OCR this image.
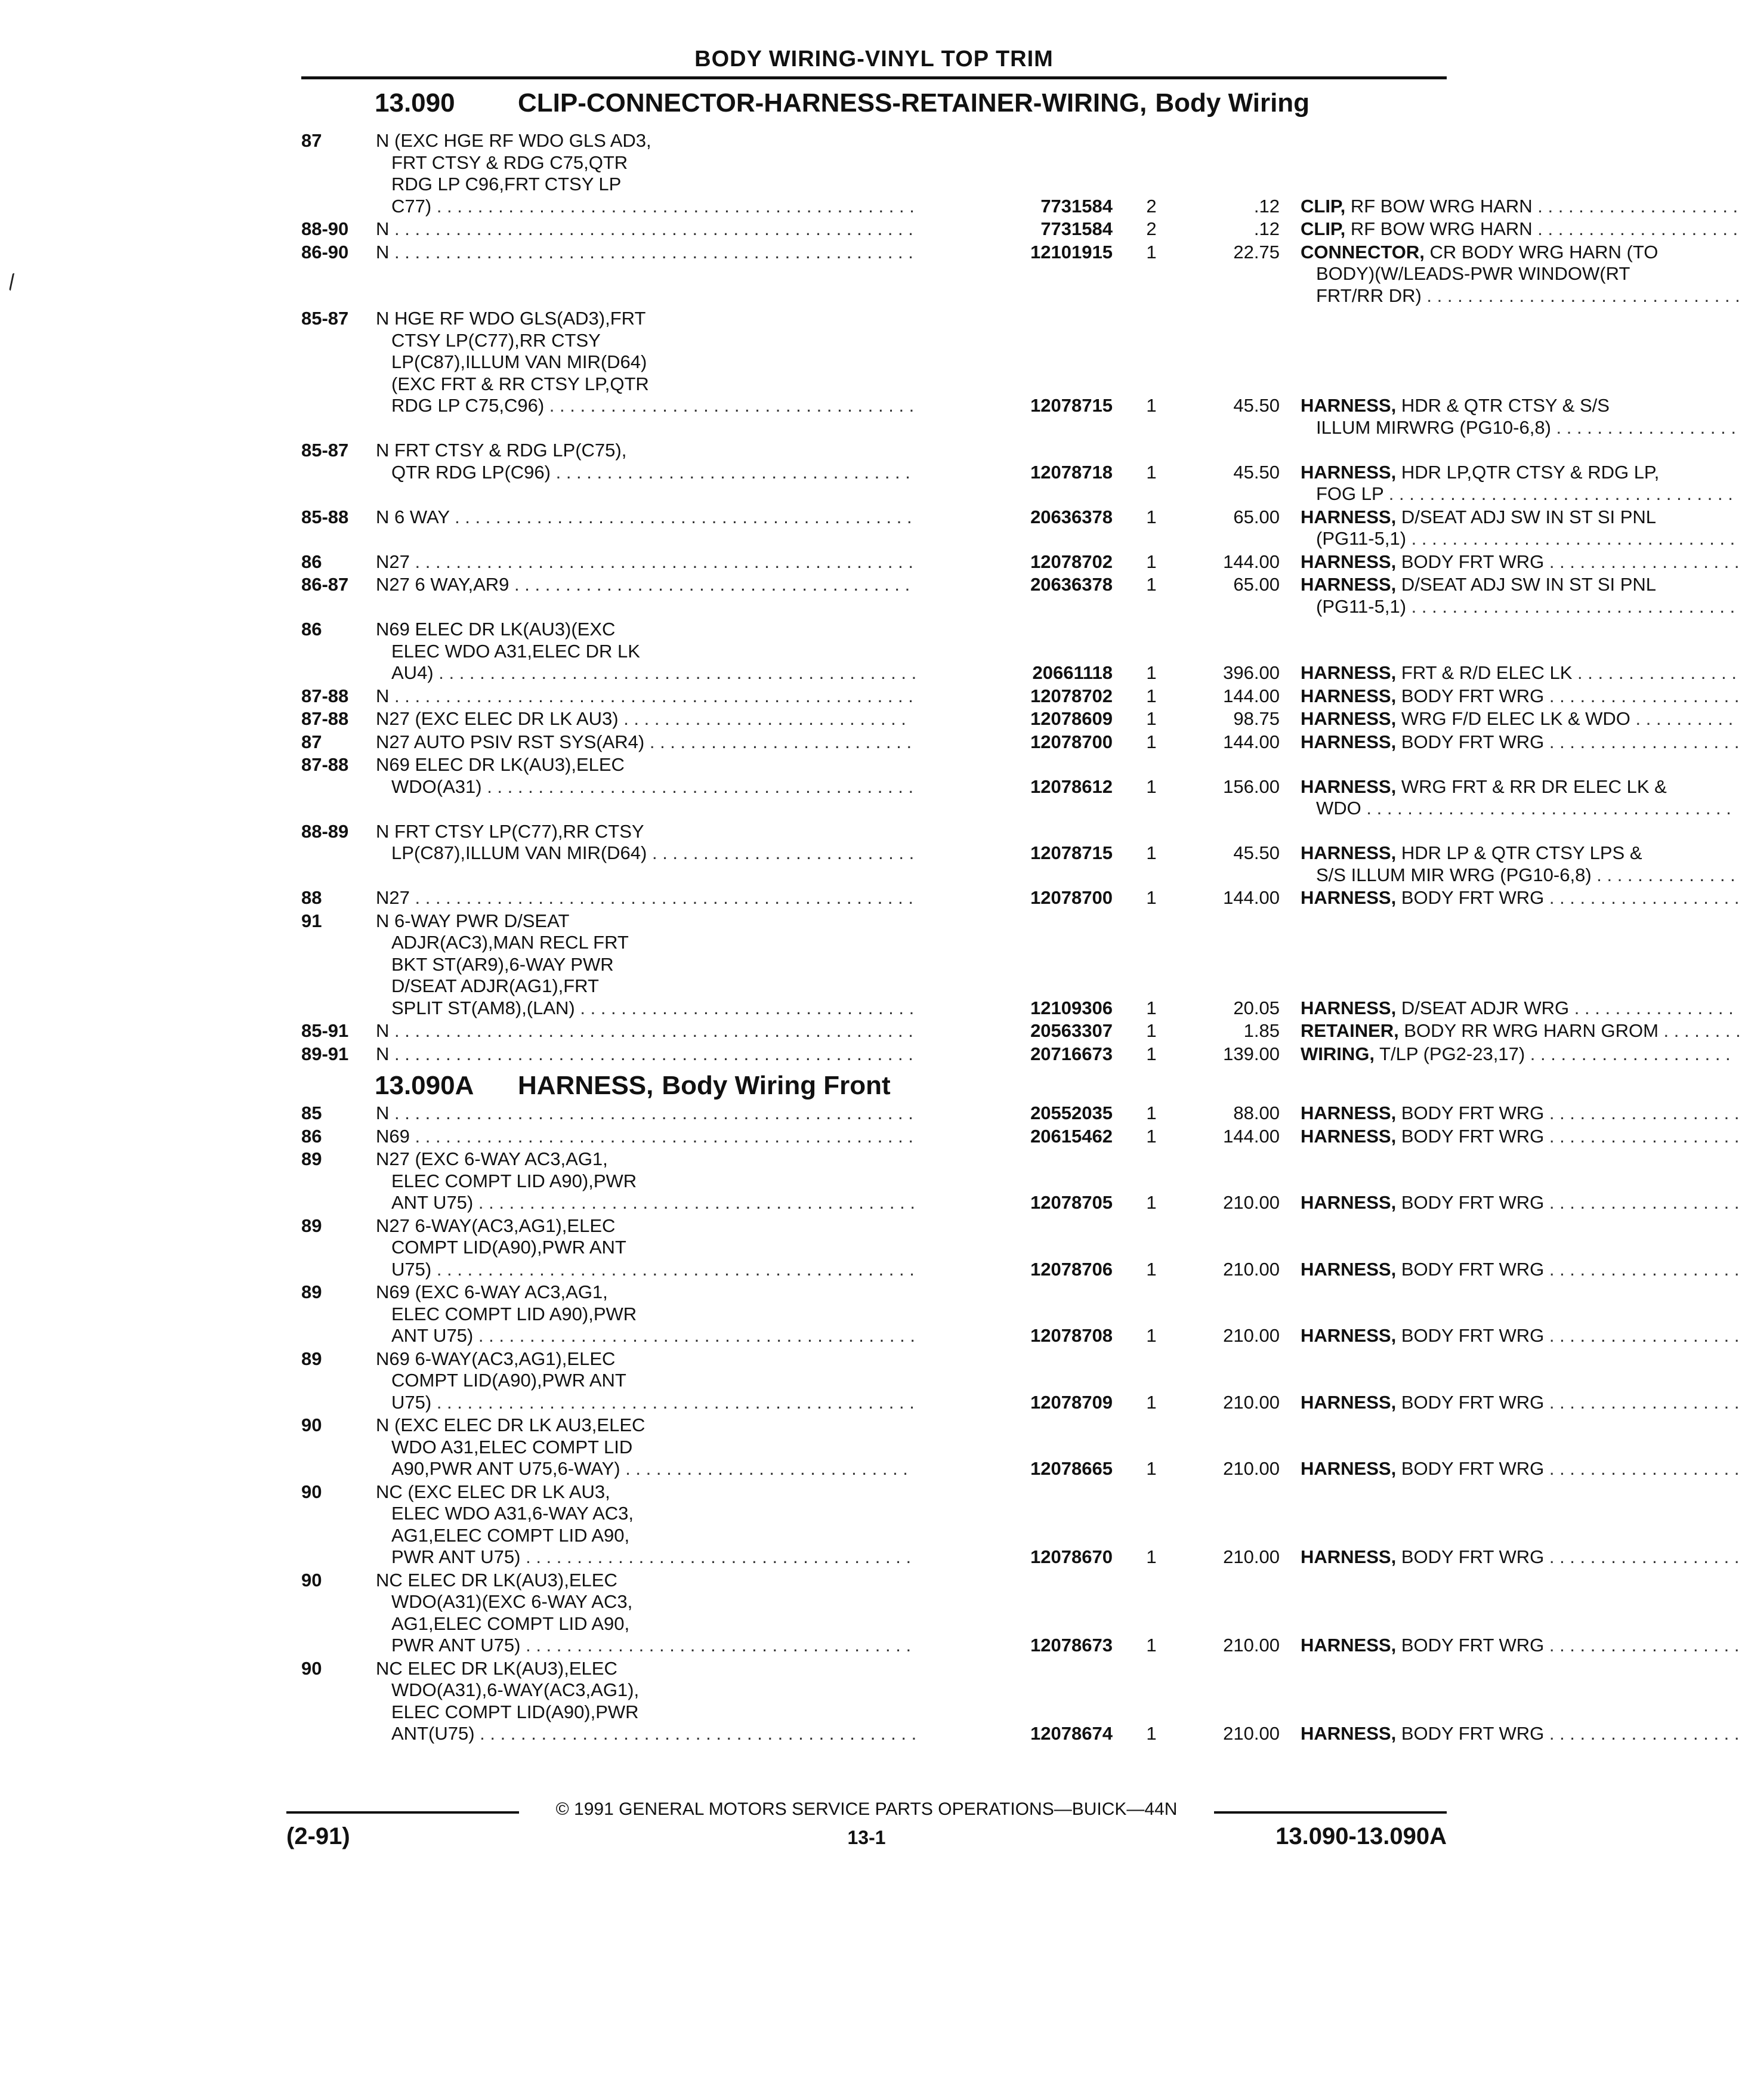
BODY WIRING-VINYL TOP TRIM
13.090 CLIP-CONNECTOR-HARNESS-RETAINER-WIRING, Body Wiring
87	N (EXC HGE RF WDO GLS AD3,
FRT CTSY & RDG C75,QTR
RDG LP C96,FRT CTSY LP
C77) . . . . . . . . . . . . . . . . . . . . . . . . . . . . . . . . . . . . . . . . . . . . . . .	7731584	2	.12 CLIP, RF BOW WRG HARN . . . . . . . . . . . . . . . . . . . .
88-90 N . . . . . . . . . . . . . . . . . . . . . . . . . . . . . . . . . . . . . . . . . . . . . . . . . . .	7731584	2	.12 CLIP, RF BOW WRG HARN . . . . . . . . . . . . . . . . . . . .
86-90 N . . . . . . . . . . . . . . . . . . . . . . . . . . . . . . . . . . . . . . . . . . . . . . . . . . .	12101915	1	22.75 CONNECTOR, CR BODY WRG HARN (TO
BODY)(W/LEADS-PWR WINDOW(RT
FRT/RR DR) . . . . . . . . . . . . . . . . . . . . . . . . . . . . . . .
85-87 N HGE RF WDO GLS(AD3),FRT
CTSY LP(C77),RR CTSY
LP(C87),ILLUM VAN MIR(D64)
(EXC FRT & RR CTSY LP,QTR
RDG LP C75,C96) . . . . . . . . . . . . . . . . . . . . . . . . . . . . . . . . . . . .	12078715	1	45.50 HARNESS, HDR & QTR CTSY & S/S
ILLUM MIRWRG (PG10-6,8) . . . . . . . . . . . . . . . . . .
85-87 N FRT CTSY & RDG LP(C75),
QTR RDG LP(C96) . . . . . . . . . . . . . . . . . . . . . . . . . . . . . . . . . . .	12078718	1	45.50 HARNESS, HDR LP,QTR CTSY & RDG LP,
FOG LP . . . . . . . . . . . . . . . . . . . . . . . . . . . . . . . . . .
85-88 N 6 WAY . . . . . . . . . . . . . . . . . . . . . . . . . . . . . . . . . . . . . . . . . . . . .	20636378	1	65.00 HARNESS, D/SEAT ADJ SW IN ST SI PNL
(PG11-5,1) . . . . . . . . . . . . . . . . . . . . . . . . . . . . . . . .
86	N27 . . . . . . . . . . . . . . . . . . . . . . . . . . . . . . . . . . . . . . . . . . . . . . . . .	12078702	1	144.00 HARNESS, BODY FRT WRG . . . . . . . . . . . . . . . . . . .
86-87 N27 6 WAY,AR9 . . . . . . . . . . . . . . . . . . . . . . . . . . . . . . . . . . . . . . .	20636378	1	65.00 HARNESS, D/SEAT ADJ SW IN ST SI PNL
(PG11-5,1) . . . . . . . . . . . . . . . . . . . . . . . . . . . . . . . .
86	N69 ELEC DR LK(AU3)(EXC
ELEC WDO A31,ELEC DR LK
AU4) . . . . . . . . . . . . . . . . . . . . . . . . . . . . . . . . . . . . . . . . . . . . . . .	20661118	1	396.00 HARNESS, FRT & R/D ELEC LK . . . . . . . . . . . . . . . .
87-88 N . . . . . . . . . . . . . . . . . . . . . . . . . . . . . . . . . . . . . . . . . . . . . . . . . . .	12078702	1	144.00 HARNESS, BODY FRT WRG . . . . . . . . . . . . . . . . . . .
87-88 N27 (EXC ELEC DR LK AU3) . . . . . . . . . . . . . . . . . . . . . . . . . . . .	12078609	1	98.75 HARNESS, WRG F/D ELEC LK & WDO . . . . . . . . . .
87	N27 AUTO PSIV RST SYS(AR4) . . . . . . . . . . . . . . . . . . . . . . . . . .	12078700	1	144.00 HARNESS, BODY FRT WRG . . . . . . . . . . . . . . . . . . .
87-88 N69 ELEC DR LK(AU3),ELEC
WDO(A31) . . . . . . . . . . . . . . . . . . . . . . . . . . . . . . . . . . . . . . . . . .	12078612	1	156.00 HARNESS, WRG FRT & RR DR ELEC LK &
WDO . . . . . . . . . . . . . . . . . . . . . . . . . . . . . . . . . . . .
88-89 N FRT CTSY LP(C77),RR CTSY
LP(C87),ILLUM VAN MIR(D64) . . . . . . . . . . . . . . . . . . . . . . . . . .	12078715	1	45.50 HARNESS, HDR LP & QTR CTSY LPS &
S/S ILLUM MIR WRG (PG10-6,8) . . . . . . . . . . . . . .
88	N27 . . . . . . . . . . . . . . . . . . . . . . . . . . . . . . . . . . . . . . . . . . . . . . . . .	12078700	1	144.00 HARNESS, BODY FRT WRG . . . . . . . . . . . . . . . . . . .
91	N 6-WAY PWR D/SEAT
ADJR(AC3),MAN RECL FRT
BKT ST(AR9),6-WAY PWR
D/SEAT ADJR(AG1),FRT
SPLIT ST(AM8),(LAN) . . . . . . . . . . . . . . . . . . . . . . . . . . . . . . . . .	12109306	1	20.05 HARNESS, D/SEAT ADJR WRG . . . . . . . . . . . . . . . .
85-91 N . . . . . . . . . . . . . . . . . . . . . . . . . . . . . . . . . . . . . . . . . . . . . . . . . . .	20563307	1	1.85 RETAINER, BODY RR WRG HARN GROM . . . . . . . .
89-91 N . . . . . . . . . . . . . . . . . . . . . . . . . . . . . . . . . . . . . . . . . . . . . . . . . . .	20716673	1	139.00 WIRING, T/LP (PG2-23,17) . . . . . . . . . . . . . . . . . . . .
13.090A HARNESS, Body Wiring Front
85	N . . . . . . . . . . . . . . . . . . . . . . . . . . . . . . . . . . . . . . . . . . . . . . . . . . .	20552035	1	88.00 HARNESS, BODY FRT WRG . . . . . . . . . . . . . . . . . . .
86	N69 . . . . . . . . . . . . . . . . . . . . . . . . . . . . . . . . . . . . . . . . . . . . . . . . .	20615462	1	144.00 HARNESS, BODY FRT WRG . . . . . . . . . . . . . . . . . . .
89	N27 (EXC 6-WAY AC3,AG1,
ELEC COMPT LID A90),PWR
ANT U75) . . . . . . . . . . . . . . . . . . . . . . . . . . . . . . . . . . . . . . . . . . .	12078705	1	210.00 HARNESS, BODY FRT WRG . . . . . . . . . . . . . . . . . . .
89	N27 6-WAY(AC3,AG1),ELEC
COMPT LID(A90),PWR ANT
U75) . . . . . . . . . . . . . . . . . . . . . . . . . . . . . . . . . . . . . . . . . . . . . . .	12078706	1	210.00 HARNESS, BODY FRT WRG . . . . . . . . . . . . . . . . . . .
89	N69 (EXC 6-WAY AC3,AG1,
ELEC COMPT LID A90),PWR
ANT U75) . . . . . . . . . . . . . . . . . . . . . . . . . . . . . . . . . . . . . . . . . . .	12078708	1	210.00 HARNESS, BODY FRT WRG . . . . . . . . . . . . . . . . . . .
89	N69 6-WAY(AC3,AG1),ELEC
COMPT LID(A90),PWR ANT
U75) . . . . . . . . . . . . . . . . . . . . . . . . . . . . . . . . . . . . . . . . . . . . . . .	12078709	1	210.00 HARNESS, BODY FRT WRG . . . . . . . . . . . . . . . . . . .
90	N (EXC ELEC DR LK AU3,ELEC
WDO A31,ELEC COMPT LID
A90,PWR ANT U75,6-WAY) . . . . . . . . . . . . . . . . . . . . . . . . . . . .	12078665	1	210.00 HARNESS, BODY FRT WRG . . . . . . . . . . . . . . . . . . .
90	NC (EXC ELEC DR LK AU3,
ELEC WDO A31,6-WAY AC3,
AG1,ELEC COMPT LID A90,
PWR ANT U75) . . . . . . . . . . . . . . . . . . . . . . . . . . . . . . . . . . . . . .	12078670	1	210.00 HARNESS, BODY FRT WRG . . . . . . . . . . . . . . . . . . .
90	NC ELEC DR LK(AU3),ELEC
WDO(A31)(EXC 6-WAY AC3,
AG1,ELEC COMPT LID A90,
PWR ANT U75) . . . . . . . . . . . . . . . . . . . . . . . . . . . . . . . . . . . . . .	12078673	1	210.00 HARNESS, BODY FRT WRG . . . . . . . . . . . . . . . . . . .
90	NC ELEC DR LK(AU3),ELEC
WDO(A31),6-WAY(AC3,AG1),
ELEC COMPT LID(A90),PWR
ANT(U75) . . . . . . . . . . . . . . . . . . . . . . . . . . . . . . . . . . . . . . . . . . .	12078674	1	210.00 HARNESS, BODY FRT WRG . . . . . . . . . . . . . . . . . . .
© 1991 GENERAL MOTORS SERVICE PARTS OPERATIONS—BUICK—44N
(2-91)	13-1	13.090-13.090A
